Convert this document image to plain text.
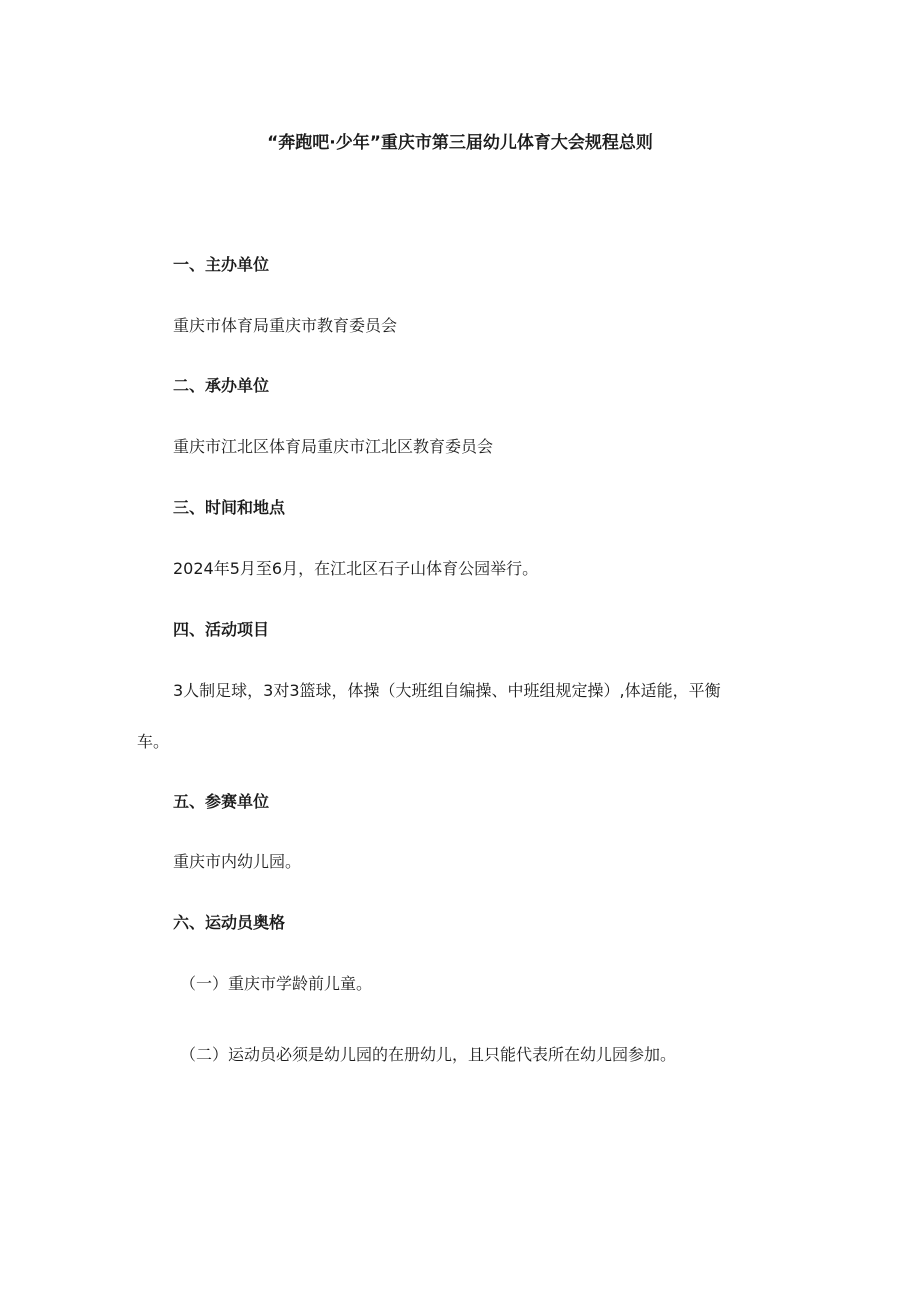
“奔跑吧·少年”重庆市第三届幼儿体育大会规程总则
一、主办单位
重庆市体育局重庆市教育委员会
二、承办单位
重庆市江北区体育局重庆市江北区教育委员会
三、时间和地点
2024年5月至6月，在江北区石子山体育公园举行。
四、活动项目
3人制足球，3对3篮球，体操（大班组自编操、中班组规定操）,体适能，平衡
车。
五、参赛单位
重庆市内幼儿园。
六、运动员奥格
（一）重庆市学龄前儿童。
（二）运动员必须是幼儿园的在册幼儿，且只能代表所在幼儿园参加。
